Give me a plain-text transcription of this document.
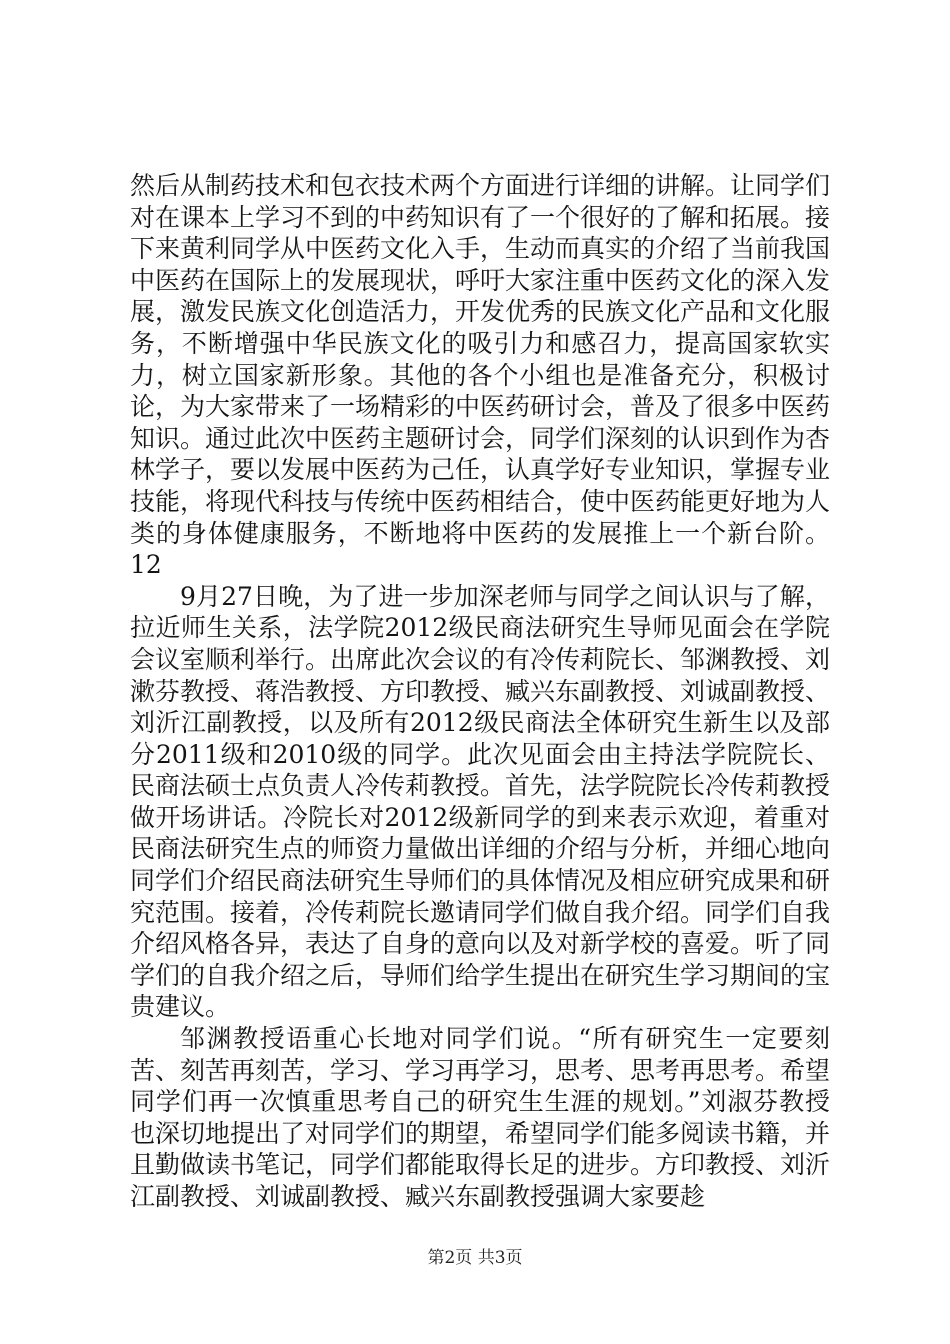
然后从制药技术和包衣技术两个方面进行详细的讲解。让同学们对在课本上学习不到的中药知识有了一个很好的了解和拓展。接下来黄利同学从中医药文化入手，生动而真实的介绍了当前我国中医药在国际上的发展现状，呼吁大家注重中医药文化的深入发展，激发民族文化创造活力，开发优秀的民族文化产品和文化服务，不断增强中华民族文化的吸引力和感召力，提高国家软实力，树立国家新形象。其他的各个小组也是准备充分，积极讨论，为大家带来了一场精彩的中医药研讨会，普及了很多中医药知识。通过此次中医药主题研讨会，同学们深刻的认识到作为杏林学子，要以发展中医药为己任，认真学好专业知识，掌握专业技能，将现代科技与传统中医药相结合，使中医药能更好地为人类的身体健康服务，不断地将中医药的发展推上一个新台阶。12

9月27日晚，为了进一步加深老师与同学之间认识与了解，拉近师生关系，法学院2012级民商法研究生导师见面会在学院会议室顺利举行。出席此次会议的有冷传莉院长、邹渊教授、刘漱芬教授、蒋浩教授、方印教授、臧兴东副教授、刘诚副教授、刘沂江副教授，以及所有2012级民商法全体研究生新生以及部分2011级和2010级的同学。此次见面会由主持法学院院长、民商法硕士点负责人冷传莉教授。首先，法学院院长冷传莉教授做开场讲话。冷院长对2012级新同学的到来表示欢迎，着重对民商法研究生点的师资力量做出详细的介绍与分析，并细心地向同学们介绍民商法研究生导师们的具体情况及相应研究成果和研究范围。接着，冷传莉院长邀请同学们做自我介绍。同学们自我介绍风格各异，表达了自身的意向以及对新学校的喜爱。听了同学们的自我介绍之后，导师们给学生提出在研究生学习期间的宝贵建议。

邹渊教授语重心长地对同学们说。“所有研究生一定要刻苦、刻苦再刻苦，学习、学习再学习，思考、思考再思考。希望同学们再一次慎重思考自己的研究生生涯的规划。”刘淑芬教授也深切地提出了对同学们的期望，希望同学们能多阅读书籍，并且勤做读书笔记，同学们都能取得长足的进步。方印教授、刘沂江副教授、刘诚副教授、臧兴东副教授强调大家要趁

第2页 共3页
